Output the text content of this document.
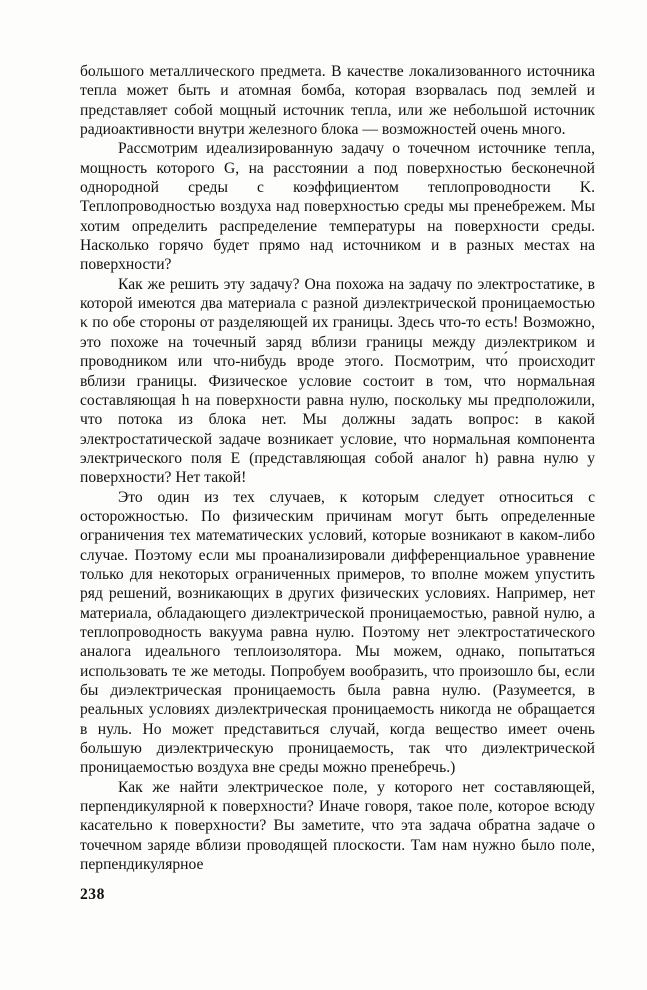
большого металлического предмета. В качестве локализованного источника тепла может быть и атомная бомба, которая взорвалась под землей и представляет собой мощный источник тепла, или же небольшой источник радиоактивности внутри железного блока — возможностей очень много.

Рассмотрим идеализированную задачу о точечном источнике тепла, мощность которого G, на расстоянии a под поверхностью бесконечной однородной среды с коэффициентом теплопроводности K. Теплопроводностью воздуха над поверхностью среды мы пренебрежем. Мы хотим определить распределение температуры на поверхности среды. Насколько горячо будет прямо над источником и в разных местах на поверхности?

Как же решить эту задачу? Она похожа на задачу по электростатике, в которой имеются два материала с разной диэлектрической проницаемостью κ по обе стороны от разделяющей их границы. Здесь что-то есть! Возможно, это похоже на точечный заряд вблизи границы между диэлектриком и проводником или что-нибудь вроде этого. Посмотрим, что́ происходит вблизи границы. Физическое условие состоит в том, что нормальная составляющая h на поверхности равна нулю, поскольку мы предположили, что потока из блока нет. Мы должны задать вопрос: в какой электростатической задаче возникает условие, что нормальная компонента электрического поля E (представляющая собой аналог h) равна нулю у поверхности? Нет такой!

Это один из тех случаев, к которым следует относиться с осторожностью. По физическим причинам могут быть определенные ограничения тех математических условий, которые возникают в каком-либо случае. Поэтому если мы проанализировали дифференциальное уравнение только для некоторых ограниченных примеров, то вполне можем упустить ряд решений, возникающих в других физических условиях. Например, нет материала, обладающего диэлектрической проницаемостью, равной нулю, а теплопроводность вакуума равна нулю. Поэтому нет электростатического аналога идеального теплоизолятора. Мы можем, однако, попытаться использовать те же методы. Попробуем вообразить, что произошло бы, если бы диэлектрическая проницаемость была равна нулю. (Разумеется, в реальных условиях диэлектрическая проницаемость никогда не обращается в нуль. Но может представиться случай, когда вещество имеет очень большую диэлектрическую проницаемость, так что диэлектрической проницаемостью воздуха вне среды можно пренебречь.)

Как же найти электрическое поле, у которого нет составляющей, перпендикулярной к поверхности? Иначе говоря, такое поле, которое всюду касательно к поверхности? Вы заметите, что эта задача обратна задаче о точечном заряде вблизи проводящей плоскости. Там нам нужно было поле, перпендикулярное

238
